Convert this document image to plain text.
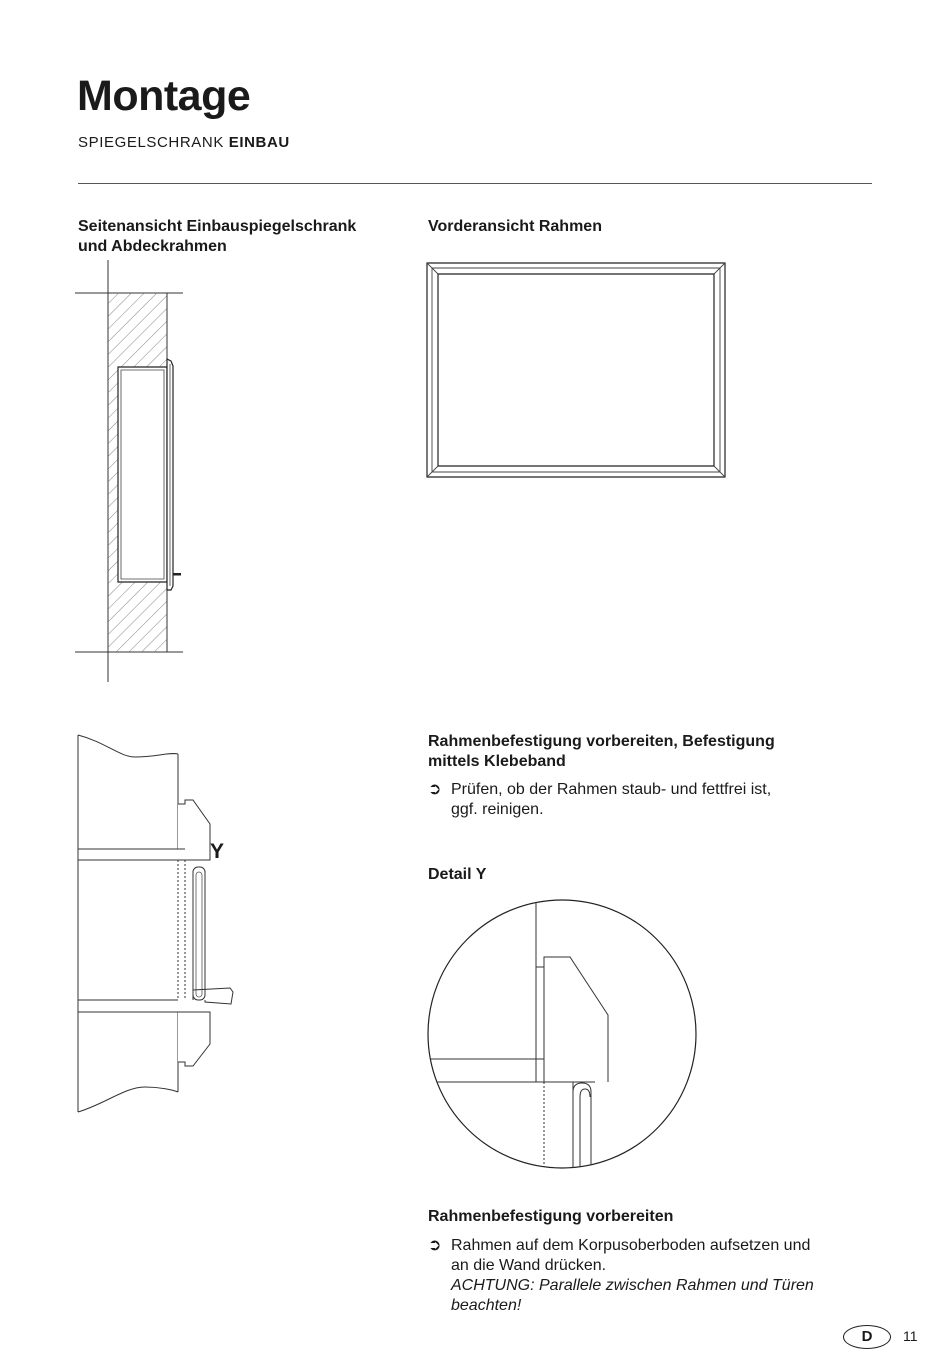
Montage
SPIEGELSCHRANK EINBAU
Seitenansicht Einbauspiegelschrank
und Abdeckrahmen
Vorderansicht Rahmen
Y
Rahmenbefestigung vorbereiten, Befestigung
mittels Klebeband
➲ Prüfen, ob der Rahmen staub- und fettfrei ist,
ggf. reinigen.
Detail Y
Rahmenbefestigung vorbereiten
➲ Rahmen auf dem Korpusoberboden aufsetzen und
an die Wand drücken.
ACHTUNG: Parallele zwischen Rahmen und Türen
beachten!
D	11
